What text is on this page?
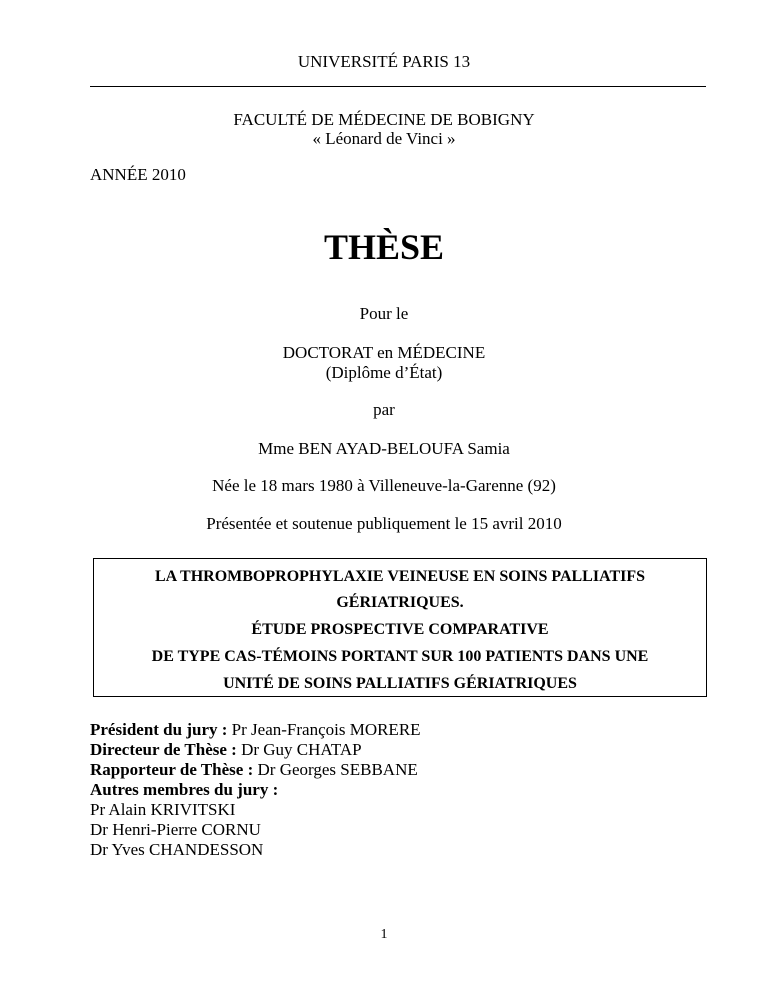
UNIVERSITÉ PARIS 13
FACULTÉ DE MÉDECINE DE BOBIGNY
« Léonard de Vinci »
ANNÉE 2010
THÈSE
Pour le
DOCTORAT en MÉDECINE
(Diplôme d’État)
par
Mme BEN AYAD-BELOUFA Samia
Née le 18 mars 1980 à Villeneuve-la-Garenne (92)
Présentée et soutenue publiquement le 15 avril 2010
LA THROMBOPROPHYLAXIE VEINEUSE EN SOINS PALLIATIFS
GÉRIATRIQUES.
ÉTUDE PROSPECTIVE COMPARATIVE
DE TYPE CAS-TÉMOINS PORTANT SUR 100 PATIENTS DANS UNE
UNITÉ DE SOINS PALLIATIFS GÉRIATRIQUES
Président du jury : Pr Jean-François MORERE
Directeur de Thèse : Dr Guy CHATAP
Rapporteur de Thèse : Dr Georges SEBBANE
Autres membres du jury :
Pr Alain KRIVITSKI
Dr Henri-Pierre CORNU
Dr Yves CHANDESSON
1
